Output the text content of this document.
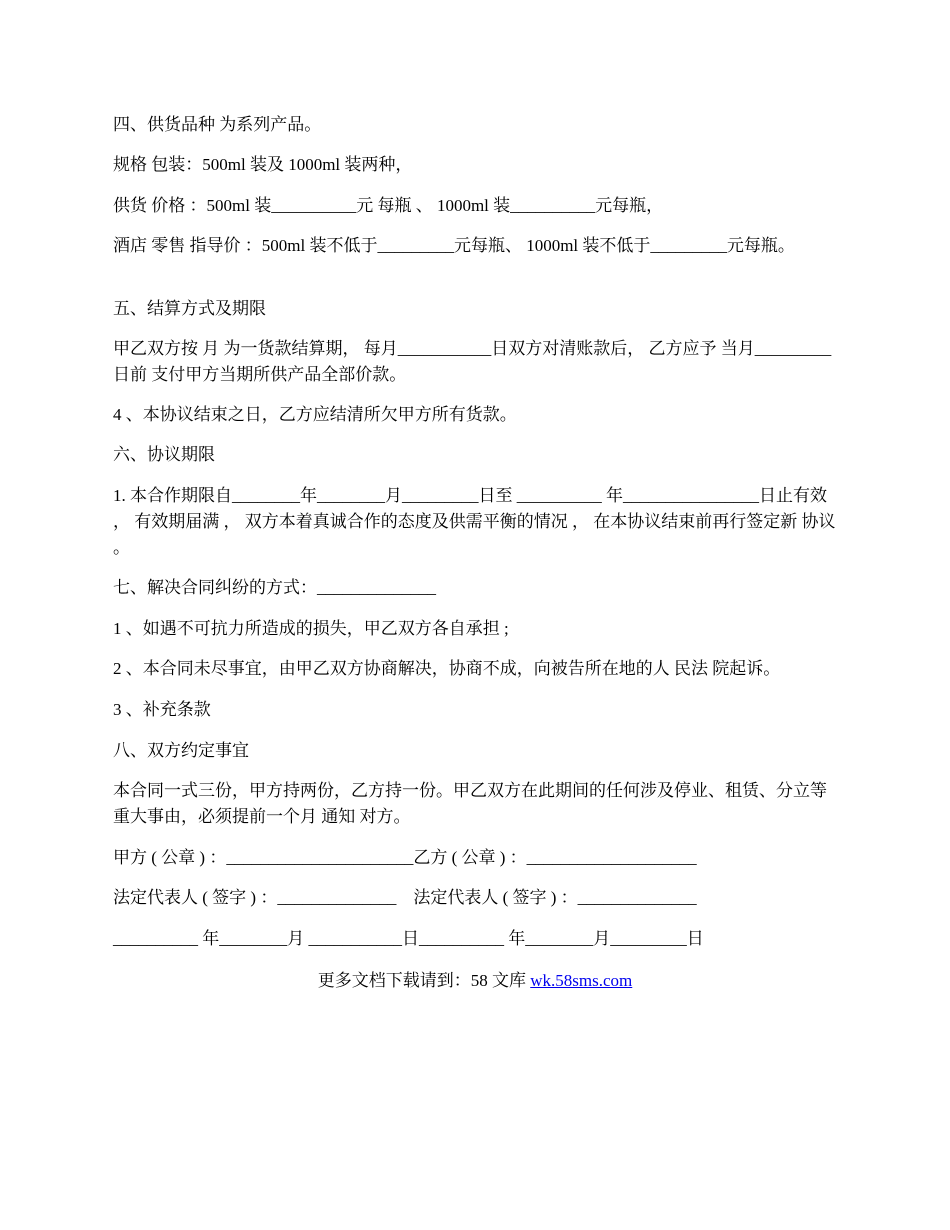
四、供货品种 为系列产品。
规格 包装：500ml 装及 1000ml 装两种，
供货 价格 ：500ml 装__________元 每瓶 、 1000ml 装__________元每瓶，
酒店 零售 指导价 ：500ml 装不低于_________元每瓶、 1000ml 装不低于_________元每瓶。
五、结算方式及期限
甲乙双方按 月 为一货款结算期， 每月___________日双方对清账款后， 乙方应予 当月_________日前 支付甲方当期所供产品全部价款。
4 、本协议结束之日，乙方应结清所欠甲方所有货款。
六、协议期限
1. 本合作期限自________年________月_________日至 __________ 年________________日止有效 ， 有效期届满 ， 双方本着真诚合作的态度及供需平衡的情况 ， 在本协议结束前再行签定新 协议 。
七、解决合同纠纷的方式：______________
1 、如遇不可抗力所造成的损失，甲乙双方各自承担 ;
2 、本合同未尽事宜，由甲乙双方协商解决，协商不成，向被告所在地的人 民法 院起诉。
3 、补充条款
八、双方约定事宜
本合同一式三份，甲方持两份，乙方持一份。甲乙双方在此期间的任何涉及停业、租赁、分立等重大事由，必须提前一个月 通知 对方。
甲方 ( 公章 ) ：______________________乙方 ( 公章 ) ：____________________
法定代表人 ( 签字 ) ：______________    法定代表人 ( 签字 ) ：______________
__________ 年________月 ___________日__________ 年________月_________日
更多文档下载请到：58 文库 wk.58sms.com
